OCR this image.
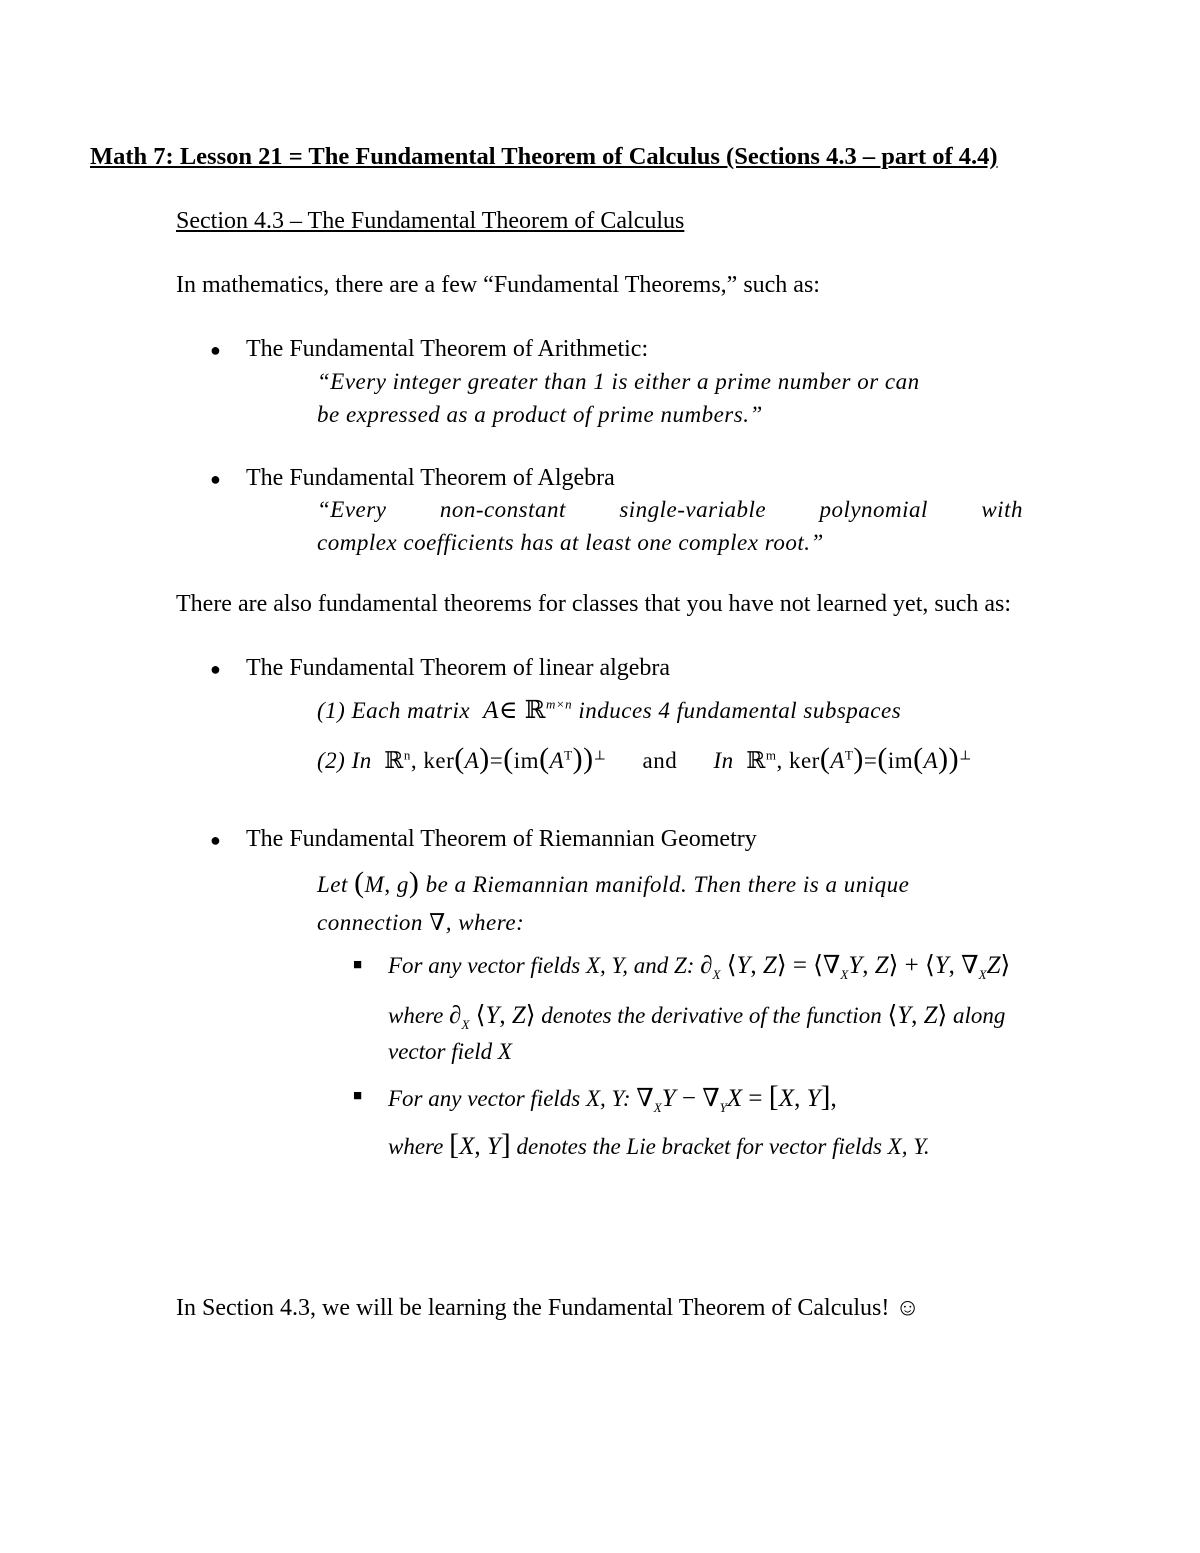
Math 7: Lesson 21 = The Fundamental Theorem of Calculus (Sections 4.3 – part of 4.4)
Section 4.3 – The Fundamental Theorem of Calculus
In mathematics, there are a few “Fundamental Theorems,” such as:
● The Fundamental Theorem of Arithmetic:
“Every integer greater than 1 is either a prime number or can
be expressed as a product of prime numbers.”
● The Fundamental Theorem of Algebra
“Every non-constant single-variable polynomial with
complex coefficients has at least one complex root.”
There are also fundamental theorems for classes that you have not learned yet, such as:
● The Fundamental Theorem of linear algebra
(1) Each matrix  A∈ ℝ$^{m\times n}$ induces 4 fundamental subspaces
(2) In  ℝ$^n$, $ker(A)=(im(A^T))^\perp$ and In  ℝ$^m$, $ker(A^T)=(im(A))^\perp$
● The Fundamental Theorem of Riemannian Geometry
Let (M, g) be a Riemannian manifold. Then there is a unique
connection ∇, where:
■ For any vector fields X, Y, and Z: $\partial_X$ ⟨Y, Z⟩ = $⟨\nabla_XY$, Z⟩ + ⟨Y, $\nabla_XZ⟩$
where $\partial_X$ ⟨Y, Z⟩ denotes the derivative of the function ⟨Y, Z⟩ along
vector field X
■ For any vector fields X, Y: $\nabla_XY - \nabla_YX = [X$, Y],
where [X, Y] denotes the Lie bracket for vector fields X, Y.
In Section 4.3, we will be learning the Fundamental Theorem of Calculus! ☺
